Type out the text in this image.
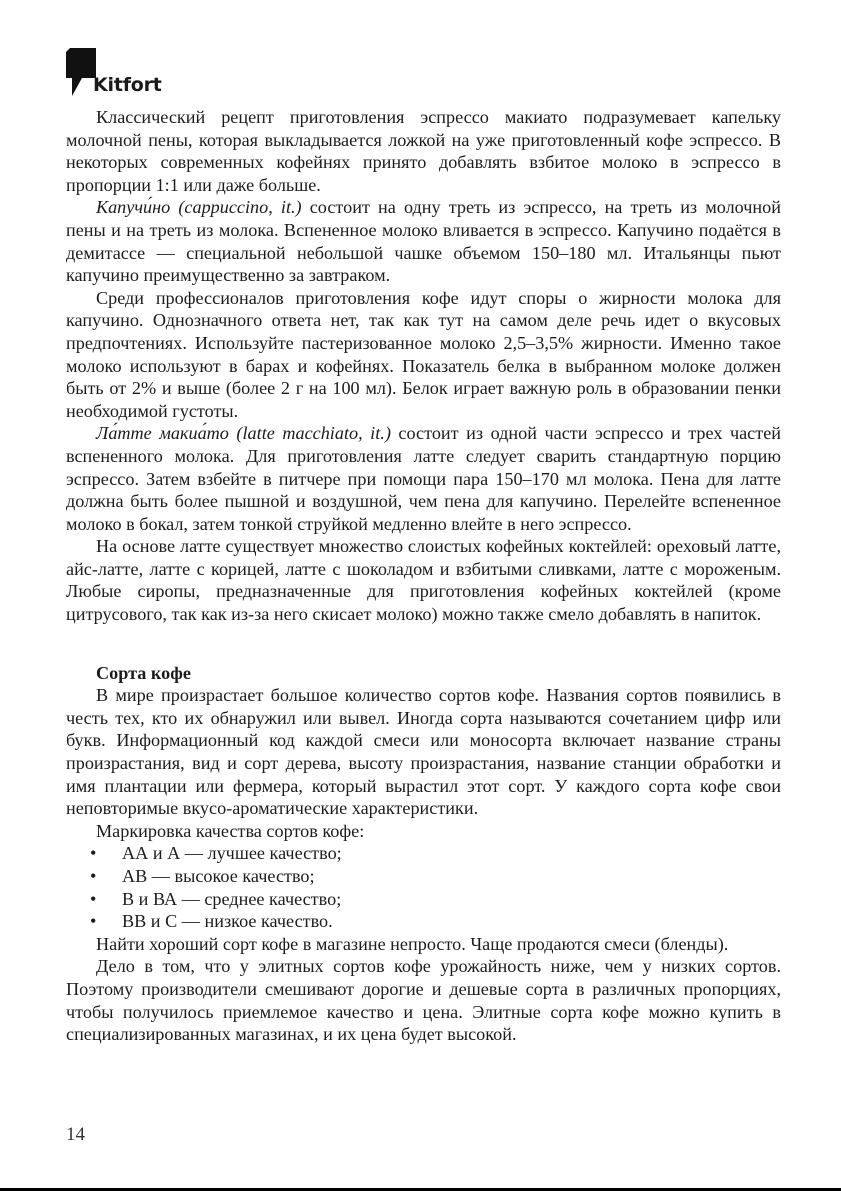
Kitfort

Классический рецепт приготовления эспрессо макиато подразумевает капельку молочной пены, которая выкладывается ложкой на уже приготовленный кофе эспрессо. В некоторых современных кофейнях принято добавлять взбитое молоко в эспрессо в пропорции 1:1 или даже больше.

Капучи́но (cappuccino, it.) состоит на одну треть из эспрессо, на треть из молочной пены и на треть из молока. Вспененное молоко вливается в эспрессо. Капучино подаётся в демитассе — специальной небольшой чашке объемом 150–180 мл. Итальянцы пьют капучино преимущественно за завтраком.

Среди профессионалов приготовления кофе идут споры о жирности молока для капучино. Однозначного ответа нет, так как тут на самом деле речь идет о вкусовых предпочтениях. Используйте пастеризованное молоко 2,5–3,5% жирности. Именно такое молоко используют в барах и кофейнях. Показатель белка в выбранном молоке должен быть от 2% и выше (более 2 г на 100 мл). Белок играет важную роль в образовании пенки необходимой густоты.

Ла́тте макиа́то (latte macchiato, it.) состоит из одной части эспрессо и трех частей вспененного молока. Для приготовления латте следует сварить стандартную порцию эспрессо. Затем взбейте в питчере при помощи пара 150–170 мл молока. Пена для латте должна быть более пышной и воздушной, чем пена для капучино. Перелейте вспененное молоко в бокал, затем тонкой струйкой медленно влейте в него эспрессо.

На основе латте существует множество слоистых кофейных коктейлей: ореховый латте, айс-латте, латте с корицей, латте с шоколадом и взбитыми сливками, латте с мороженым. Любые сиропы, предназначенные для приготовления кофейных коктейлей (кроме цитрусового, так как из-за него скисает молоко) можно также смело добавлять в напиток.

Сорта кофе

В мире произрастает большое количество сортов кофе. Названия сортов появились в честь тех, кто их обнаружил или вывел. Иногда сорта называются сочетанием цифр или букв. Информационный код каждой смеси или моносорта включает название страны произрастания, вид и сорт дерева, высоту произрастания, название станции обработки и имя плантации или фермера, который вырастил этот сорт. У каждого сорта кофе свои неповторимые вкусо-ароматические характеристики.

Маркировка качества сортов кофе:

• АА и А — лучшее качество;
• АВ — высокое качество;
• В и ВА — среднее качество;
• ВВ и С — низкое качество.

Найти хороший сорт кофе в магазине непросто. Чаще продаются смеси (бленды).

Дело в том, что у элитных сортов кофе урожайность ниже, чем у низких сортов. Поэтому производители смешивают дорогие и дешевые сорта в различных пропорциях, чтобы получилось приемлемое качество и цена. Элитные сорта кофе можно купить в специализированных магазинах, и их цена будет высокой.

14
